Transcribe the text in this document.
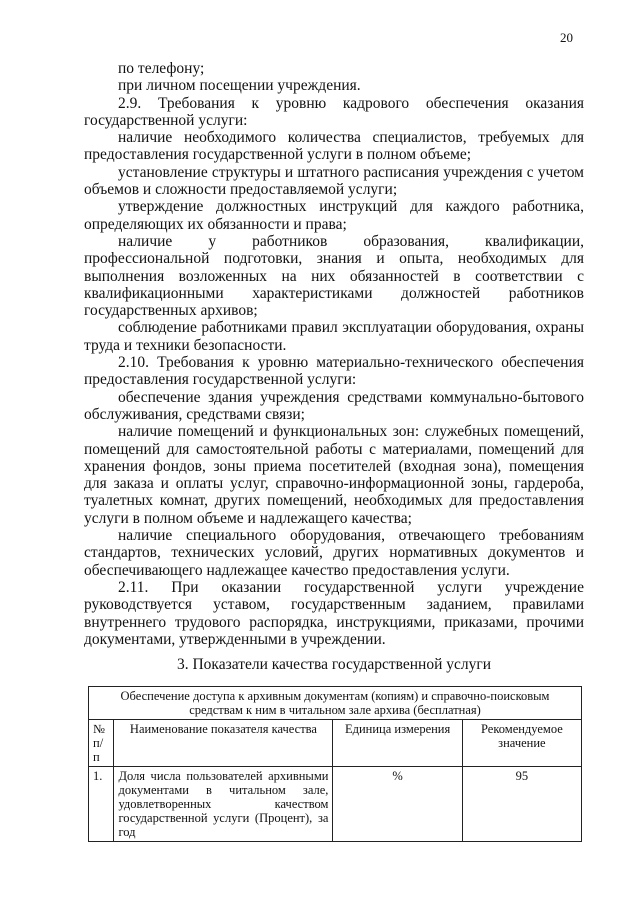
20

по телефону;

при личном посещении учреждения.

2.9. Требования к уровню кадрового обеспечения оказания государственной услуги:

наличие необходимого количества специалистов, требуемых для предоставления государственной услуги в полном объеме;

установление структуры и штатного расписания учреждения с учетом объемов и сложности предоставляемой услуги;

утверждение должностных инструкций для каждого работника, определяющих их обязанности и права;

наличие у работников образования, квалификации, профессиональной подготовки, знания и опыта, необходимых для выполнения возложенных на них обязанностей в соответствии с квалификационными характеристиками должностей работников государственных архивов;

соблюдение работниками правил эксплуатации оборудования, охраны труда и техники безопасности.

2.10. Требования к уровню материально-технического обеспечения предоставления государственной услуги:

обеспечение здания учреждения средствами коммунально-бытового обслуживания, средствами связи;

наличие помещений и функциональных зон: служебных помещений, помещений для самостоятельной работы с материалами, помещений для хранения фондов, зоны приема посетителей (входная зона), помещения для заказа и оплаты услуг, справочно-информационной зоны, гардероба, туалетных комнат, других помещений, необходимых для предоставления услуги в полном объеме и надлежащего качества;

наличие специального оборудования, отвечающего требованиям стандартов, технических условий, других нормативных документов и обеспечивающего надлежащее качество предоставления услуги.

2.11. При оказании государственной услуги учреждение руководствуется уставом, государственным заданием, правилами внутреннего трудового распорядка, инструкциями, приказами, прочими документами, утвержденными в учреждении.

3. Показатели качества государственной услуги
Обеспечение доступа к архивным документам (копиям) и справочно-поисковым средствам к ним в читальном зале архива (бесплатная)			
№ п/п	Наименование показателя качества	Единица измерения	Рекомендуемое значение
1.	Доля числа пользователей архивными документами в читальном зале, удовлетворенных качеством государственной услуги (Процент), за год	%	95
